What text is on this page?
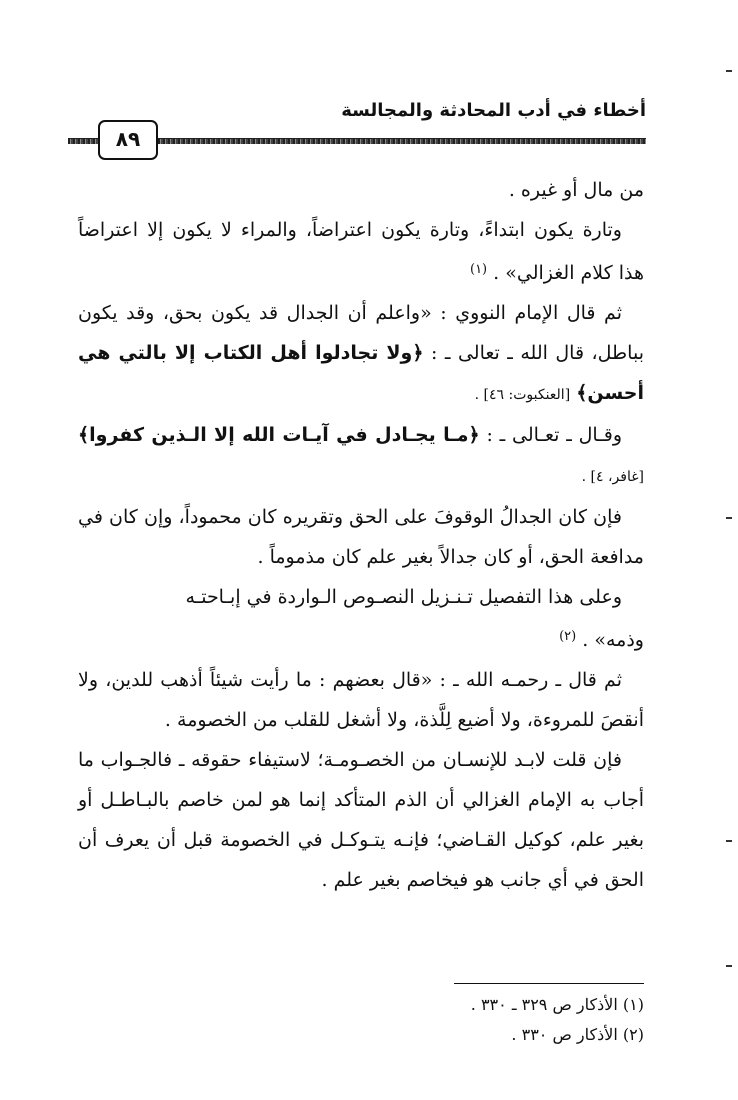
أخطاء في أدب المحادثة والمجالسة
٨٩

من مال أو غيره .

وتارة يكون ابتداءً، وتارة يكون اعتراضاً، والمراء لا يكون إلا اعتراضاً هذا كلام الغزالي» . $^{(١)}$

ثم قال الإمام النووي : «واعلم أن الجدال قد يكون بحق، وقد يكون بباطل، قال الله ـ تعالى ـ : ﴿ولا تجادلوا أهل الكتاب إلا بالتي هي أحسن﴾ [العنكبوت: ٤٦] .

وقـال ـ تعـالى ـ : ﴿مـا يجـادل في آيـات الله إلا الـذين كفروا﴾[غافر، ٤] .

فإن كان الجدالُ الوقوفَ على الحق وتقريره كان محموداً، وإن كان في مدافعة الحق، أو كان جدالاً بغير علم كان مذموماً .

وعلى هذا التفصيل تـنـزيل النصـوص الـواردة في إبـاحتـه
وذمه» . $^{(٢)}$

ثم قال ـ رحمـه الله ـ : «قال بعضهم : ما رأيت شيئاً أذهب للدين، ولا أنقصَ للمروءة، ولا أضيع لِلَّذة، ولا أشغل للقلب من الخصومة .

فإن قلت لابـد للإنسـان من الخصـومـة؛ لاستيفاء حقوقه ـ فالجـواب ما أجاب به الإمام الغزالي أن الذم المتأكد إنما هو لمن خاصم بالبـاطـل أو بغير علم، كوكيل القـاضي؛ فإنـه يتـوكـل في الخصومة قبل أن يعرف أن الحق في أي جانب هو فيخاصم بغير علم .

(١) الأذكار ص ٣٢٩ ـ ٣٣٠ .
(٢) الأذكار ص ٣٣٠ .
